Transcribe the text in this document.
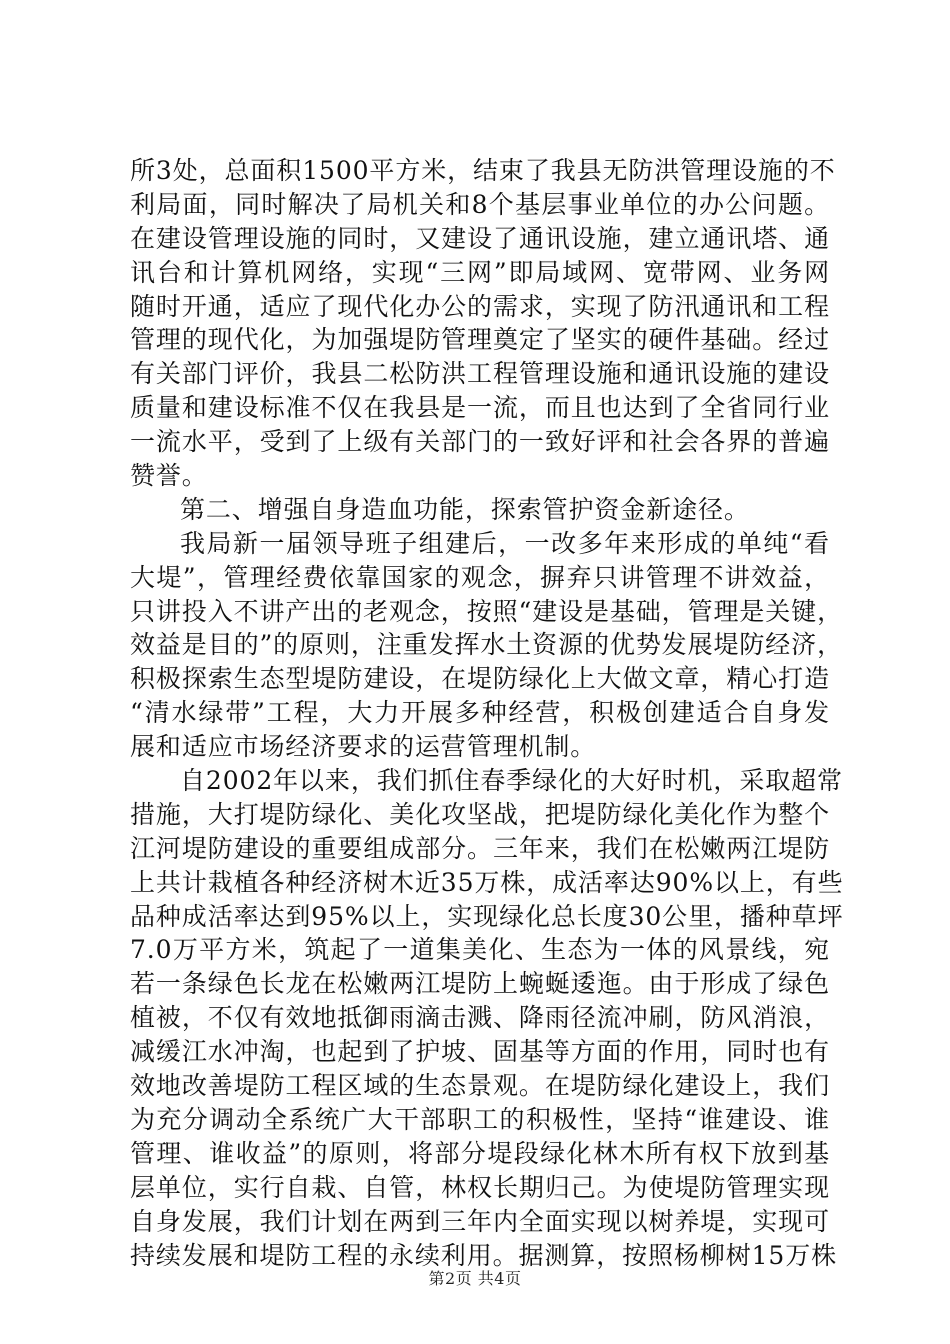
所3处，总面积1500平方米，结束了我县无防洪管理设施的不
利局面，同时解决了局机关和8个基层事业单位的办公问题。
在建设管理设施的同时，又建设了通讯设施，建立通讯塔、通
讯台和计算机网络，实现“三网”即局域网、宽带网、业务网
随时开通，适应了现代化办公的需求，实现了防汛通讯和工程
管理的现代化，为加强堤防管理奠定了坚实的硬件基础。经过
有关部门评价，我县二松防洪工程管理设施和通讯设施的建设
质量和建设标准不仅在我县是一流，而且也达到了全省同行业
一流水平，受到了上级有关部门的一致好评和社会各界的普遍
赞誉。
第二、增强自身造血功能，探索管护资金新途径。
我局新一届领导班子组建后，一改多年来形成的单纯“看
大堤”，管理经费依靠国家的观念，摒弃只讲管理不讲效益，
只讲投入不讲产出的老观念，按照“建设是基础，管理是关键，
效益是目的”的原则，注重发挥水土资源的优势发展堤防经济，
积极探索生态型堤防建设，在堤防绿化上大做文章，精心打造
“清水绿带”工程，大力开展多种经营，积极创建适合自身发
展和适应市场经济要求的运营管理机制。
自2002年以来，我们抓住春季绿化的大好时机，采取超常
措施，大打堤防绿化、美化攻坚战，把堤防绿化美化作为整个
江河堤防建设的重要组成部分。三年来，我们在松嫩两江堤防
上共计栽植各种经济树木近35万株，成活率达90%以上，有些
品种成活率达到95%以上，实现绿化总长度30公里，播种草坪
7.0万平方米，筑起了一道集美化、生态为一体的风景线，宛
若一条绿色长龙在松嫩两江堤防上蜿蜒逶迤。由于形成了绿色
植被，不仅有效地抵御雨滴击溅、降雨径流冲刷，防风消浪，
减缓江水冲淘，也起到了护坡、固基等方面的作用，同时也有
效地改善堤防工程区域的生态景观。在堤防绿化建设上，我们
为充分调动全系统广大干部职工的积极性，坚持“谁建设、谁
管理、谁收益”的原则，将部分堤段绿化林木所有权下放到基
层单位，实行自栽、自管，林权长期归己。为使堤防管理实现
自身发展，我们计划在两到三年内全面实现以树养堤，实现可
持续发展和堤防工程的永续利用。据测算，按照杨柳树15万株
第2页 共4页
